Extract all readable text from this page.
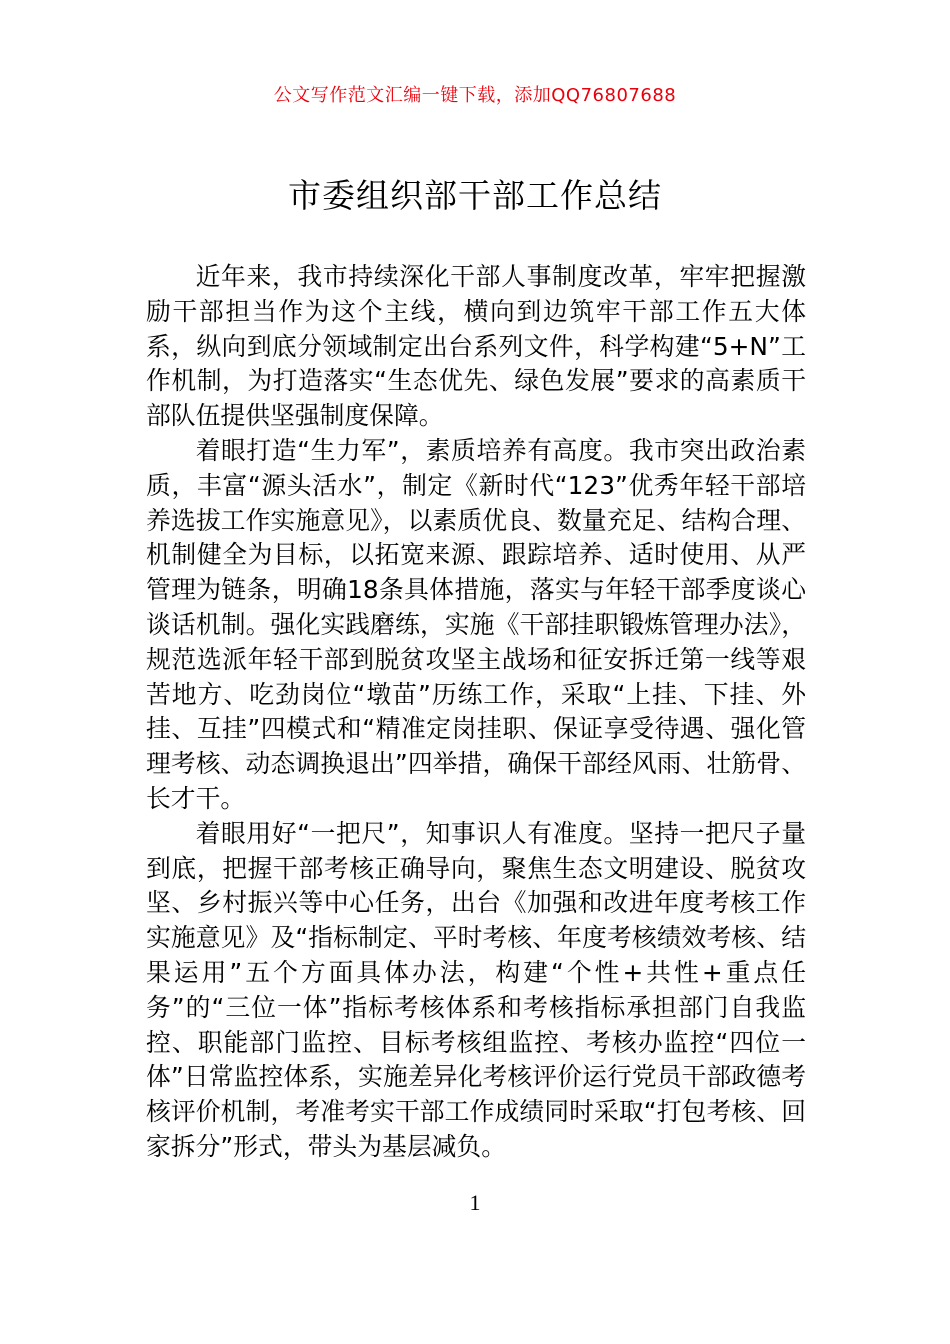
公文写作范文汇编一键下载，添加QQ76807688
市委组织部干部工作总结

近年来，我市持续深化干部人事制度改革，牢牢把握激励干部担当作为这个主线，横向到边筑牢干部工作五大体系，纵向到底分领域制定出台系列文件，科学构建“5+N”工作机制，为打造落实“生态优先、绿色发展”要求的高素质干部队伍提供坚强制度保障。

着眼打造“生力军”，素质培养有高度。我市突出政治素质，丰富“源头活水”，制定《新时代“123”优秀年轻干部培养选拔工作实施意见》，以素质优良、数量充足、结构合理、机制健全为目标，以拓宽来源、跟踪培养、适时使用、从严管理为链条，明确18条具体措施，落实与年轻干部季度谈心谈话机制。强化实践磨练，实施《干部挂职锻炼管理办法》，规范选派年轻干部到脱贫攻坚主战场和征安拆迁第一线等艰苦地方、吃劲岗位“墩苗”历练工作，采取“上挂、下挂、外挂、互挂”四模式和“精准定岗挂职、保证享受待遇、强化管理考核、动态调换退出”四举措，确保干部经风雨、壮筋骨、长才干。

着眼用好“一把尺”，知事识人有准度。坚持一把尺子量到底，把握干部考核正确导向，聚焦生态文明建设、脱贫攻坚、乡村振兴等中心任务，出台《加强和改进年度考核工作实施意见》及“指标制定、平时考核、年度考核绩效考核、结果运用”五个方面具体办法，构建“个性+共性+重点任务”的“三位一体”指标考核体系和考核指标承担部门自我监控、职能部门监控、目标考核组监控、考核办监控“四位一体”日常监控体系，实施差异化考核评价运行党员干部政德考核评价机制，考准考实干部工作成绩同时采取“打包考核、回家拆分”形式，带头为基层减负。

1
